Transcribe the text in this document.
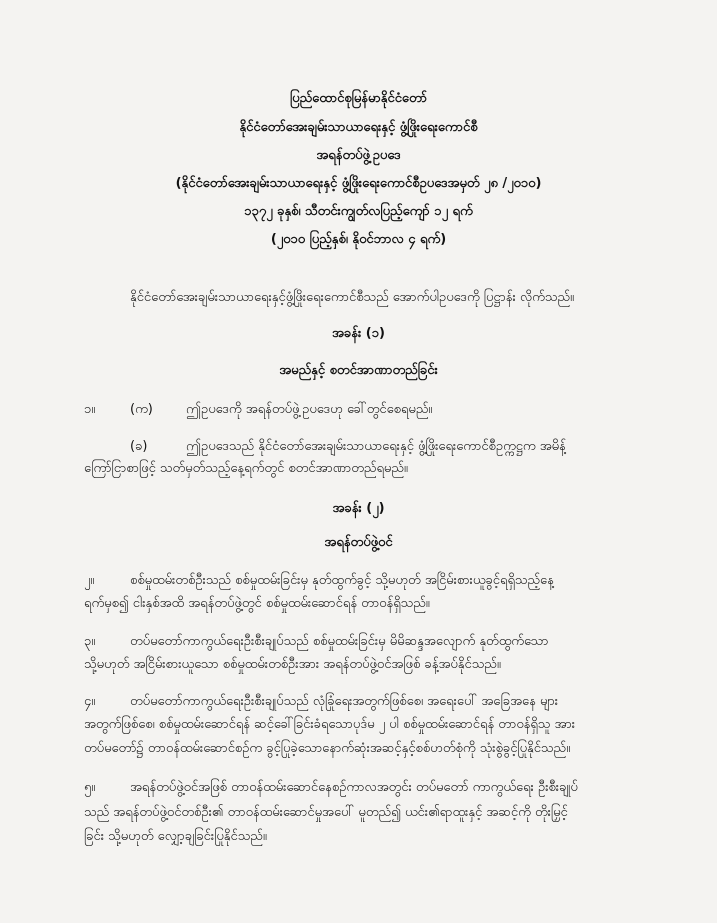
ပြည်ထောင်စုမြန်မာနိုင်ငံတော်
နိုင်ငံတော်အေးချမ်းသာယာရေးနှင့် ဖွံ့ဖြိုးရေးကောင်စီ
အရန်တပ်ဖွဲ့ဥပဒေ
(နိုင်ငံတော်အေးချမ်းသာယာရေးနှင့် ဖွံ့ဖြိုးရေးကောင်စီဥပဒေအမှတ် ၂၈ /၂၀၁၀)
၁၃၇၂ ခုနှစ်၊ သီတင်းကျွတ်လပြည့်ကျော် ၁၂ ရက်
(၂၀၁၀ ပြည့်နှစ်၊ နိုဝင်ဘာလ ၄ ရက်)
နိုင်ငံတော်အေးချမ်းသာယာရေးနှင့်ဖွံ့ဖြိုးရေးကောင်စီသည် အောက်ပါဥပဒေကို ပြဋ္ဌာန်း လိုက်သည်။
အခန်း (၁)
အမည်နှင့် စတင်အာဏာတည်ခြင်း
၁။	(က)	ဤဥပဒေကို အရန်တပ်ဖွဲ့ဥပဒေဟု ခေါ်တွင်စေရမည်။
(ခ)	ဤဥပဒေသည် နိုင်ငံတော်အေးချမ်းသာယာရေးနှင့် ဖွံ့ဖြိုးရေးကောင်စီဥက္ကဋ္ဌက အမိန့်
ကြော်ငြာစာဖြင့် သတ်မှတ်သည့်နေ့ရက်တွင် စတင်အာဏာတည်ရမည်။
အခန်း (၂)
အရန်တပ်ဖွဲ့ဝင်
၂။	စစ်မှုထမ်းတစ်ဦးသည် စစ်မှုထမ်းခြင်းမှ နုတ်ထွက်ခွင့် သို့မဟုတ် အငြိမ်းစားယူခွင့်ရရှိသည့်နေ့
ရက်မှစ၍ ငါးနှစ်အထိ အရန်တပ်ဖွဲ့တွင် စစ်မှုထမ်းဆောင်ရန် တာဝန်ရှိသည်။
၃။	တပ်မတော်ကာကွယ်ရေးဦးစီးချုပ်သည် စစ်မှုထမ်းခြင်းမှ မိမိဆန္ဒအလျောက် နုတ်ထွက်သော
သို့မဟုတ် အငြိမ်းစားယူသော စစ်မှုထမ်းတစ်ဦးအား အရန်တပ်ဖွဲ့ဝင်အဖြစ် ခန့်အပ်နိုင်သည်။
၄။	တပ်မတော်ကာကွယ်ရေးဦးစီးချုပ်သည် လုံခြုံရေးအတွက်ဖြစ်စေ၊ အရေးပေါ် အခြေအနေ များ
အတွက်ဖြစ်စေ၊ စစ်မှုထမ်းဆောင်ရန် ဆင့်ခေါ်ခြင်းခံရသောပုဒ်မ ၂ ပါ စစ်မှုထမ်းဆောင်ရန် တာဝန်ရှိသူ အား
တပ်မတော်၌ တာဝန်ထမ်းဆောင်စဉ်က ခွင့်ပြုခဲ့သောနောက်ဆုံးအဆင့်နှင့်စစ်ဟတ်စုံကို သုံးစွဲခွင့်ပြုနိုင်သည်။
၅။	အရန်တပ်ဖွဲ့ဝင်အဖြစ် တာဝန်ထမ်းဆောင်နေစဉ်ကာလအတွင်း တပ်မတော် ကာကွယ်ရေး ဦးစီးချုပ်
သည် အရန်တပ်ဖွဲ့ဝင်တစ်ဦး၏ တာဝန်ထမ်းဆောင်မှုအပေါ် မူတည်၍ ယင်း၏ရာထူးနှင့် အဆင့်ကို တိုးမြှင့်
ခြင်း သို့မဟုတ် လျှော့ချခြင်းပြုနိုင်သည်။
